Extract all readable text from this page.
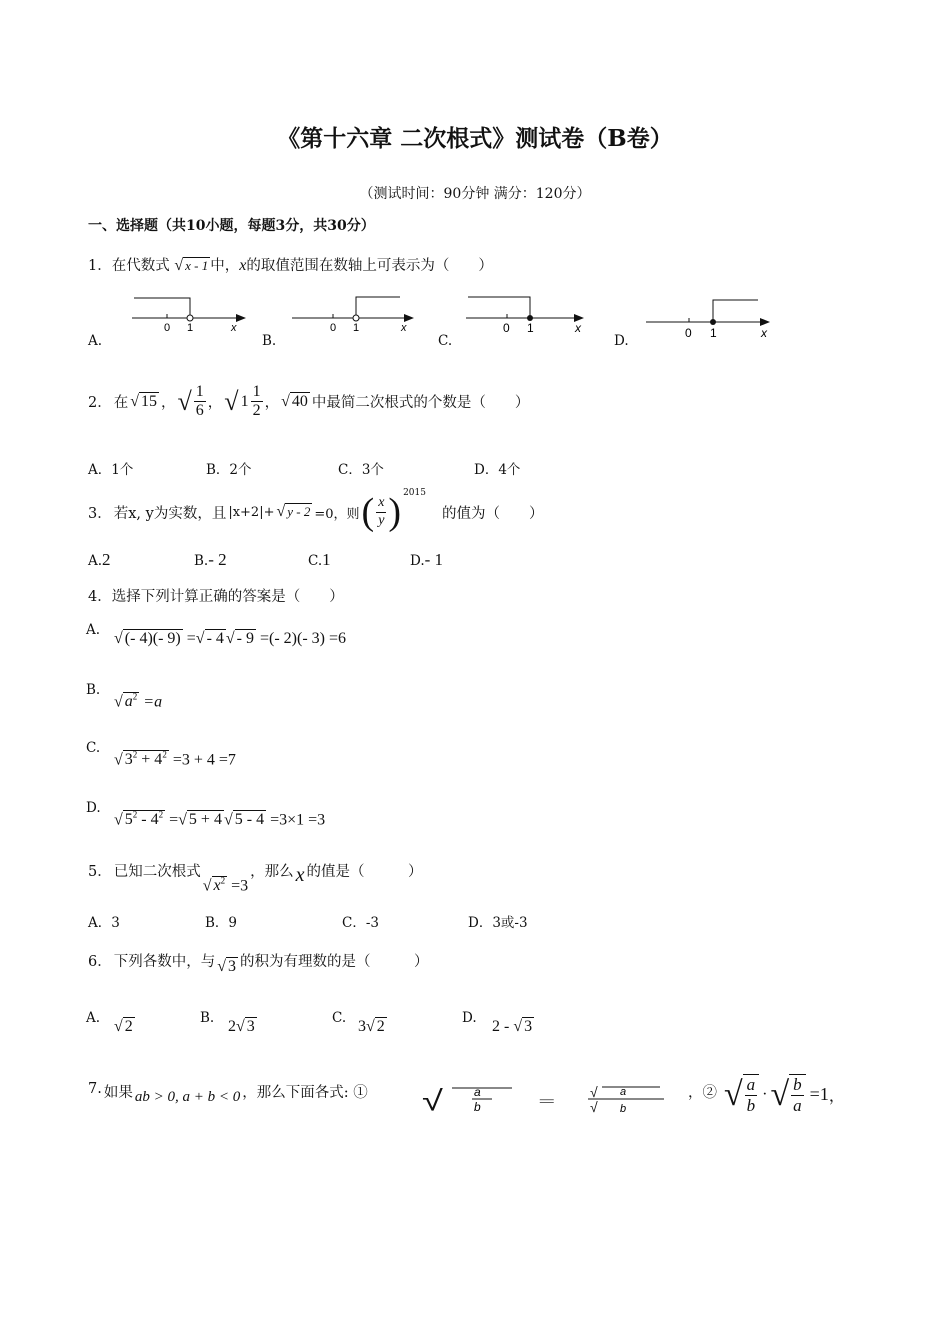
《第十六章 二次根式》测试卷（B卷）
（测试时间：90分钟 满分：120分）
一、选择题（共10小题，每题3分，共30分）
1．在代数式 √ x - 1 中，x的取值范围在数轴上可表示为（　　）
A.
0 1	x
B.
0 1	x
C.
0 1	x
D.	0 1	x
2． 在 √ 15 ， √ $\frac{1}{6}$ ， √ $1 \frac{1}{2}$ ， √ 40 中最简二次根式的个数是（　　）
A．1个	B．2个	C．3个	D．4个
3． 若x, y为实数，且 |x+2|+ √ y - 2 =0，则 ( $\frac{x}{y}$ ) 2015
的值为（　　）
A.2	B.- 2	C.1	D.- 1
4．选择下列计算正确的答案是（　　）
A. √ (- 4)(- 9) =√ - 4 √ - 9 =(- 2)(- 3) =6
B.
√ $a^2 =a$
C.
√ $3^2 + 4^2 =3 + 4 =7$
D.
√ $5^2 - 4^2$ =√ 5 + 4 √ 5 - 4 =3×1 =3
5． 已知二次根式
√ $x^2 =3$
，那么 x 的值是（　　　）
A．3	B．9	C．-3	D．3或-3
6． 下列各数中，与 √ 3 的积为有理数的是（　　　）
A. √ 2	B. 2√ 3	C. 3√ 2	D. 2 - √ 3
7. 如果 ab > 0, a + b < 0 ，那么下面各式: ① √	a
b	=
√ a
√ b
，② √ $\frac{a}{b}$ · √ $\frac{b}{a} =1$ ，
